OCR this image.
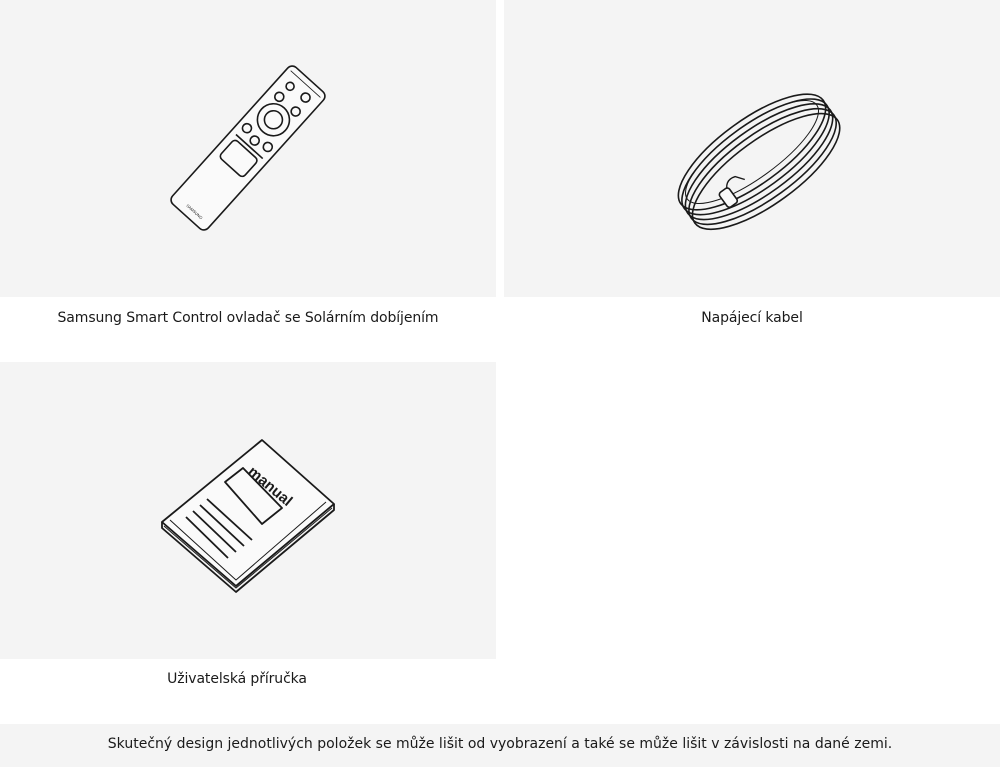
SAMSUNG
Samsung Smart Control ovladač se Solárním dobíjením	Napájecí kabel
manual
Uživatelská příručka
Skutečný design jednotlivých položek se může lišit od vyobrazení a také se může lišit v závislosti na dané zemi.
